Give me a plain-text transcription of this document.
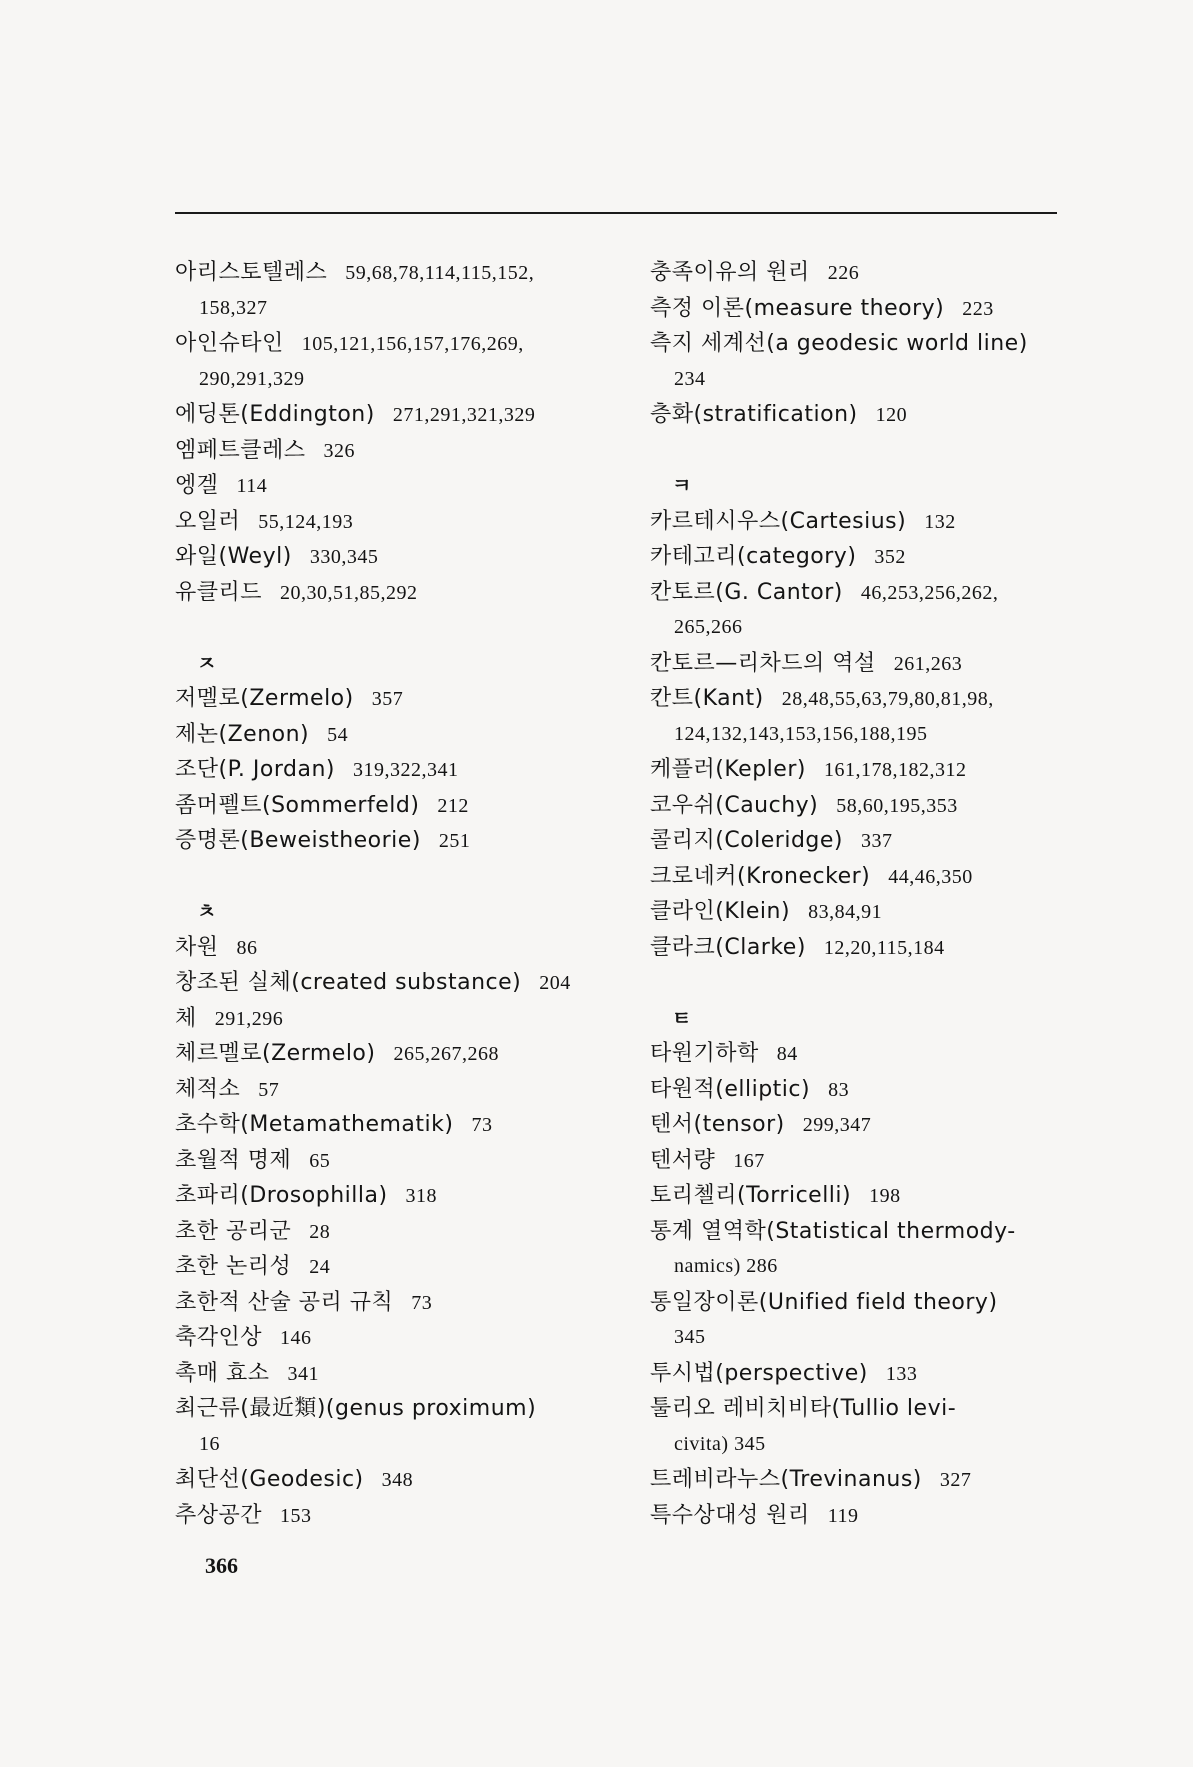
아리스토텔레스 59,68,78,114,115,152,
158,327
아인슈타인 105,121,156,157,176,269,
290,291,329
에딩톤(Eddington) 271,291,321,329
엠페트클레스 326
엥겔 114
오일러 55,124,193
와일(Weyl) 330,345
유클리드 20,30,51,85,292
ㅈ
저멜로(Zermelo) 357
제논(Zenon) 54
조단(P. Jordan) 319,322,341
좀머펠트(Sommerfeld) 212
증명론(Beweistheorie) 251
ㅊ
차원 86
창조된 실체(created substance) 204
체 291,296
체르멜로(Zermelo) 265,267,268
체적소 57
초수학(Metamathematik) 73
초월적 명제 65
초파리(Drosophilla) 318
초한 공리군 28
초한 논리성 24
초한적 산술 공리 규칙 73
축각인상 146
촉매 효소 341
최근류(最近類)(genus proximum)
16
최단선(Geodesic) 348
추상공간 153
충족이유의 원리 226
측정 이론(measure theory) 223
측지 세계선(a geodesic world line)
234
층화(stratification) 120
ㅋ
카르테시우스(Cartesius) 132
카테고리(category) 352
칸토르(G. Cantor) 46,253,256,262,
265,266
칸토르—리차드의 역설 261,263
칸트(Kant) 28,48,55,63,79,80,81,98,
124,132,143,153,156,188,195
케플러(Kepler) 161,178,182,312
코우쉬(Cauchy) 58,60,195,353
콜리지(Coleridge) 337
크로네커(Kronecker) 44,46,350
클라인(Klein) 83,84,91
클라크(Clarke) 12,20,115,184
ㅌ
타원기하학 84
타원적(elliptic) 83
텐서(tensor) 299,347
텐서량 167
토리첼리(Torricelli) 198
통계 열역학(Statistical thermody-
namics) 286
통일장이론(Unified field theory)
345
투시법(perspective) 133
툴리오 레비치비타(Tullio levi-
civita) 345
트레비라누스(Trevinanus) 327
특수상대성 원리 119
366
